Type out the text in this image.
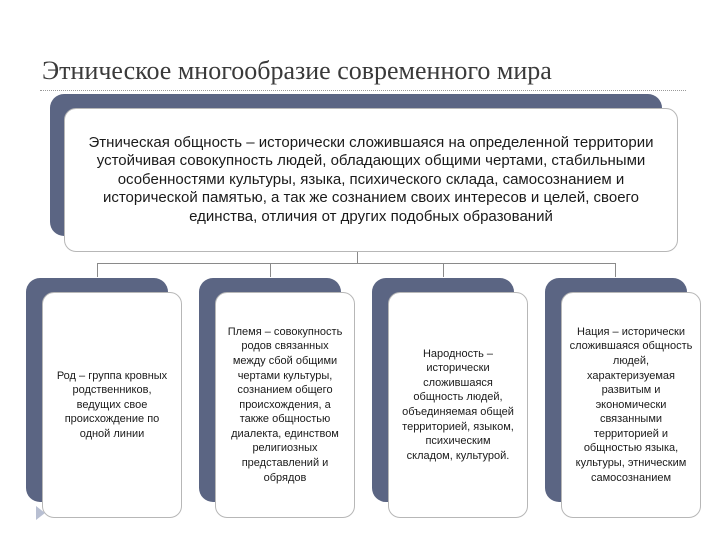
Этническое многообразие современного мира
Этническая общность – исторически сложившаяся на определенной территории устойчивая совокупность людей, обладающих общими чертами, стабильными особенностями культуры, языка, психического склада, самосознанием и исторической памятью, а так же сознанием своих интересов и целей, своего единства, отличия от других подобных образований
Род – группа кровных родственников, ведущих свое происхождение по одной линии
Племя – совокупность родов связанных между сбой общими чертами культуры, сознанием общего происхождения, а также общностью диалекта, единством религиозных представлений и обрядов
Народность – исторически сложившаяся общность людей, объединяемая общей территорией, языком, психическим складом, культурой.
Нация – исторически сложившаяся общность людей, характеризуемая развитым и экономически связанными территорией и общностью языка, культуры, этническим самосознанием
